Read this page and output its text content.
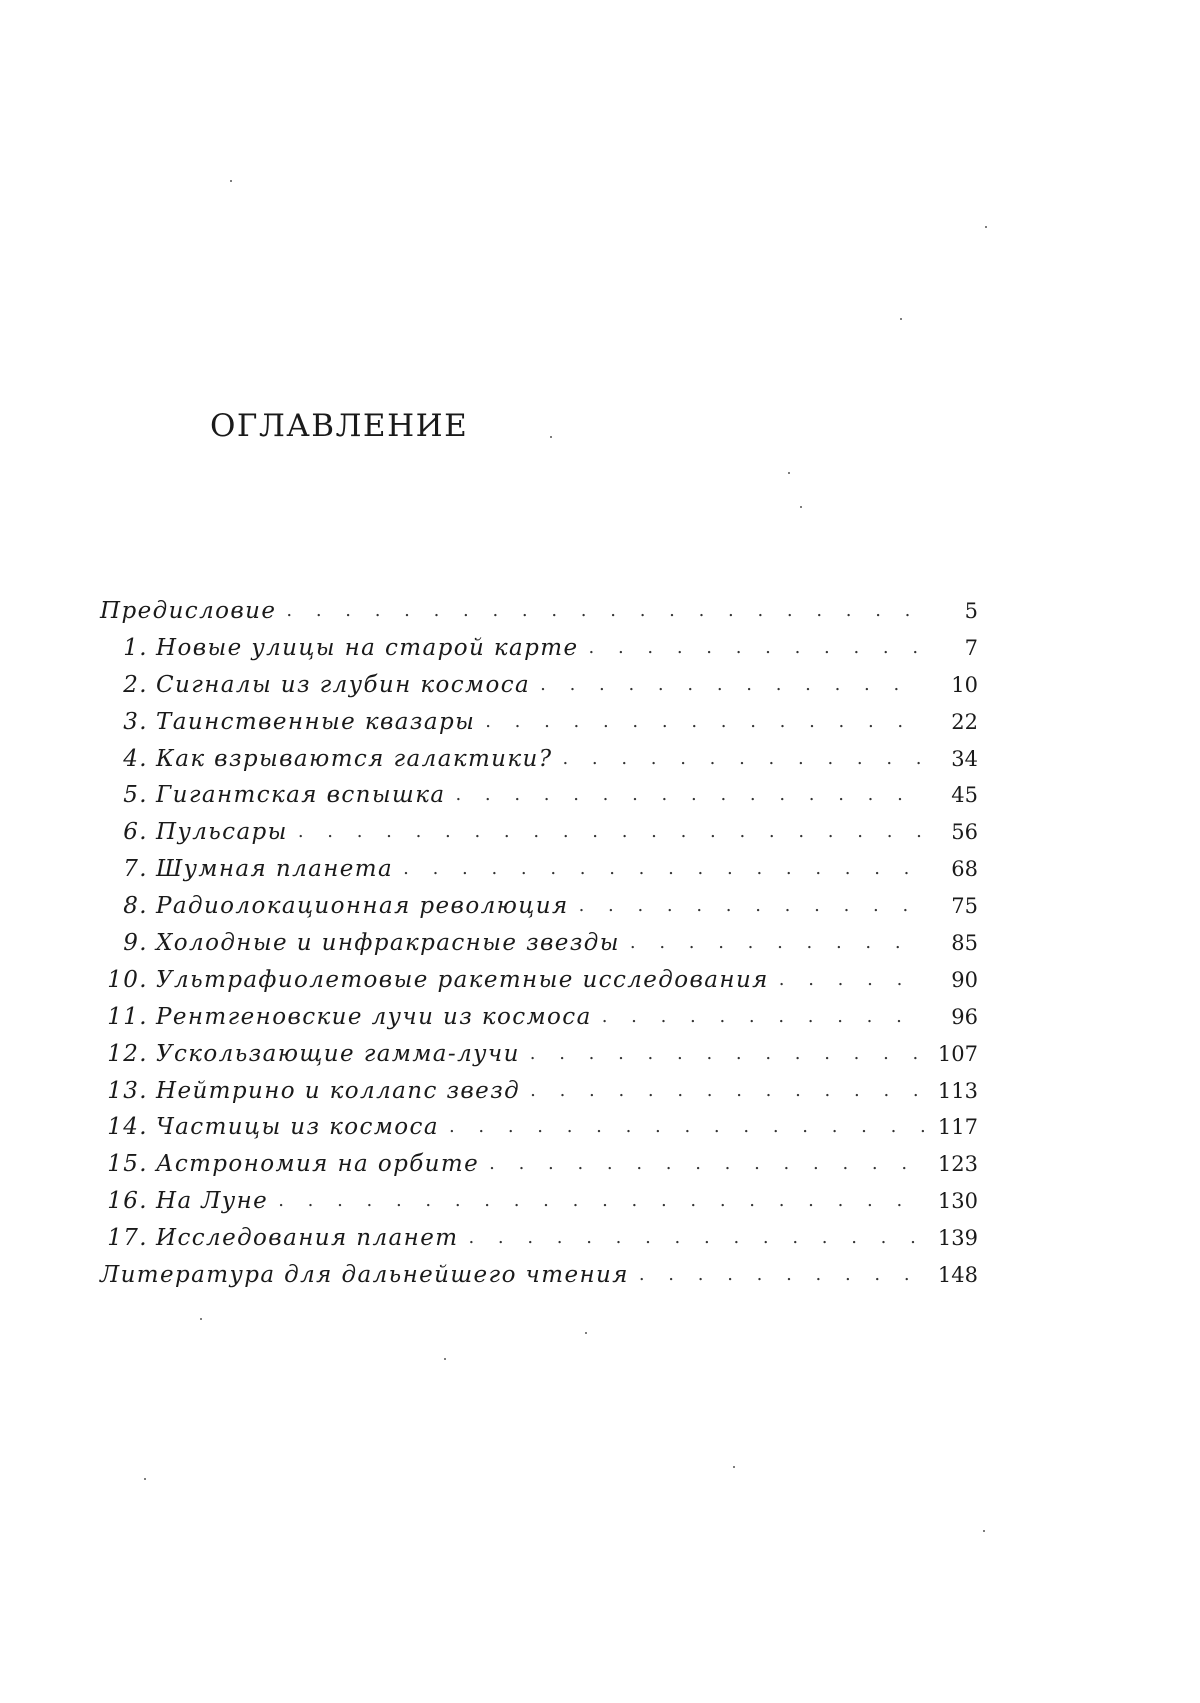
ОГЛАВЛЕНИЕ
Предисловие . . .	5
1. Новые улицы на старой карте . . .	7
2. Сигналы из глубин космоса . . .	10
3. Таинственные квазары . . .	22
4. Как взрываются галактики? . . .	34
5. Гигантская вспышка . . .	45
6. Пульсары . . .	56
7. Шумная планета . . .	68
8. Радиолокационная революция . . .	75
9. Холодные и инфракрасные звезды . . .	85
10. Ультрафиолетовые ракетные исследования . . .	90
11. Рентгеновские лучи из космоса . . .	96
12. Ускользающие гамма-лучи . . .	107
13. Нейтрино и коллапс звезд . . .	113
14. Частицы из космоса . . .	117
15. Астрономия на орбите . . .	123
16. На Луне . . .	130
17. Исследования планет . . .	139
Литература для дальнейшего чтения . . .	148
